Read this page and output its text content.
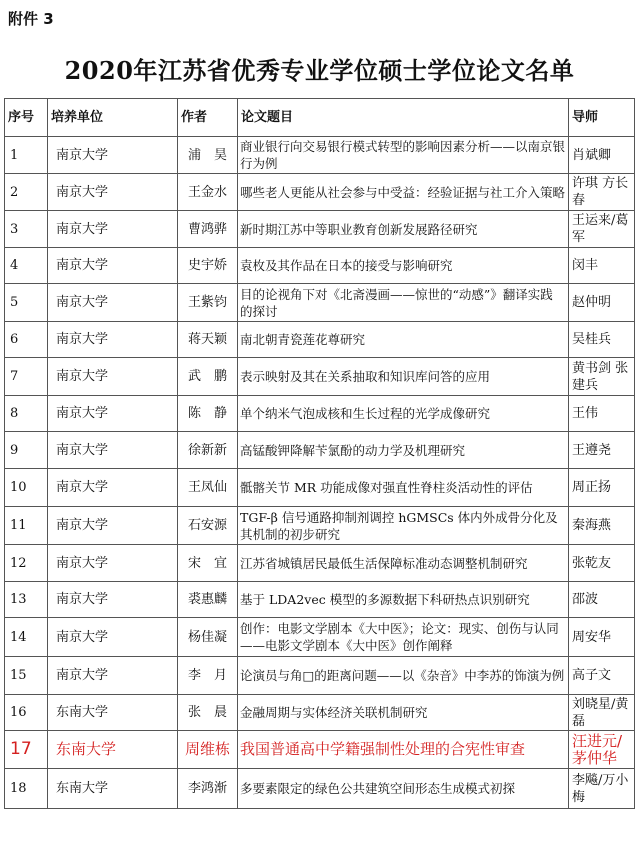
附件 3
2020年江苏省优秀专业学位硕士学位论文名单
序号	培养单位	作者	论文题目	导师
1	南京大学	浦　昊	商业银行向交易银行模式转型的影响因素分析——以南京银行为例	肖斌卿
2	南京大学	王金水	哪些老人更能从社会参与中受益：经验证据与社工介入策略	许琪 方长春
3	南京大学	曹鸿骅	新时期江苏中等职业教育创新发展路径研究	王运来/葛军
4	南京大学	史宇娇	袁枚及其作品在日本的接受与影响研究	闵丰
5	南京大学	王紫钧	目的论视角下对《北斋漫画——惊世的“动感”》翻译实践的探讨	赵仲明
6	南京大学	蒋天颖	南北朝青瓷莲花尊研究	吴桂兵
7	南京大学	武　鹏	表示映射及其在关系抽取和知识库问答的应用	黄书剑 张建兵
8	南京大学	陈　静	单个纳米气泡成核和生长过程的光学成像研究	王伟
9	南京大学	徐新新	高锰酸钾降解苄氯酚的动力学及机理研究	王遵尧
10	南京大学	王凤仙	骶髂关节 MR 功能成像对强直性脊柱炎活动性的评估	周正扬
11	南京大学	石安源	TGF-β 信号通路抑制剂调控 hGMSCs 体内外成骨分化及其机制的初步研究	秦海燕
12	南京大学	宋　宜	江苏省城镇居民最低生活保障标准动态调整机制研究	张乾友
13	南京大学	裘惠麟	基于 LDA2vec 模型的多源数据下科研热点识别研究	邵波
14	南京大学	杨佳凝	创作：电影文学剧本《大中医》；论文：现实、创伤与认同——电影文学剧本《大中医》创作阐释	周安华
15	南京大学	李　月	论演员与角□的距离问题——以《杂音》中李苏的饰演为例	高子文
16	东南大学	张　晨	金融周期与实体经济关联机制研究	刘晓星/黄磊
17	东南大学	周维栋	我国普通高中学籍强制性处理的合宪性审查	汪进元/茅仲华
18	东南大学	李鸿渐	多要素限定的绿色公共建筑空间形态生成模式初探	李飚/万小梅
